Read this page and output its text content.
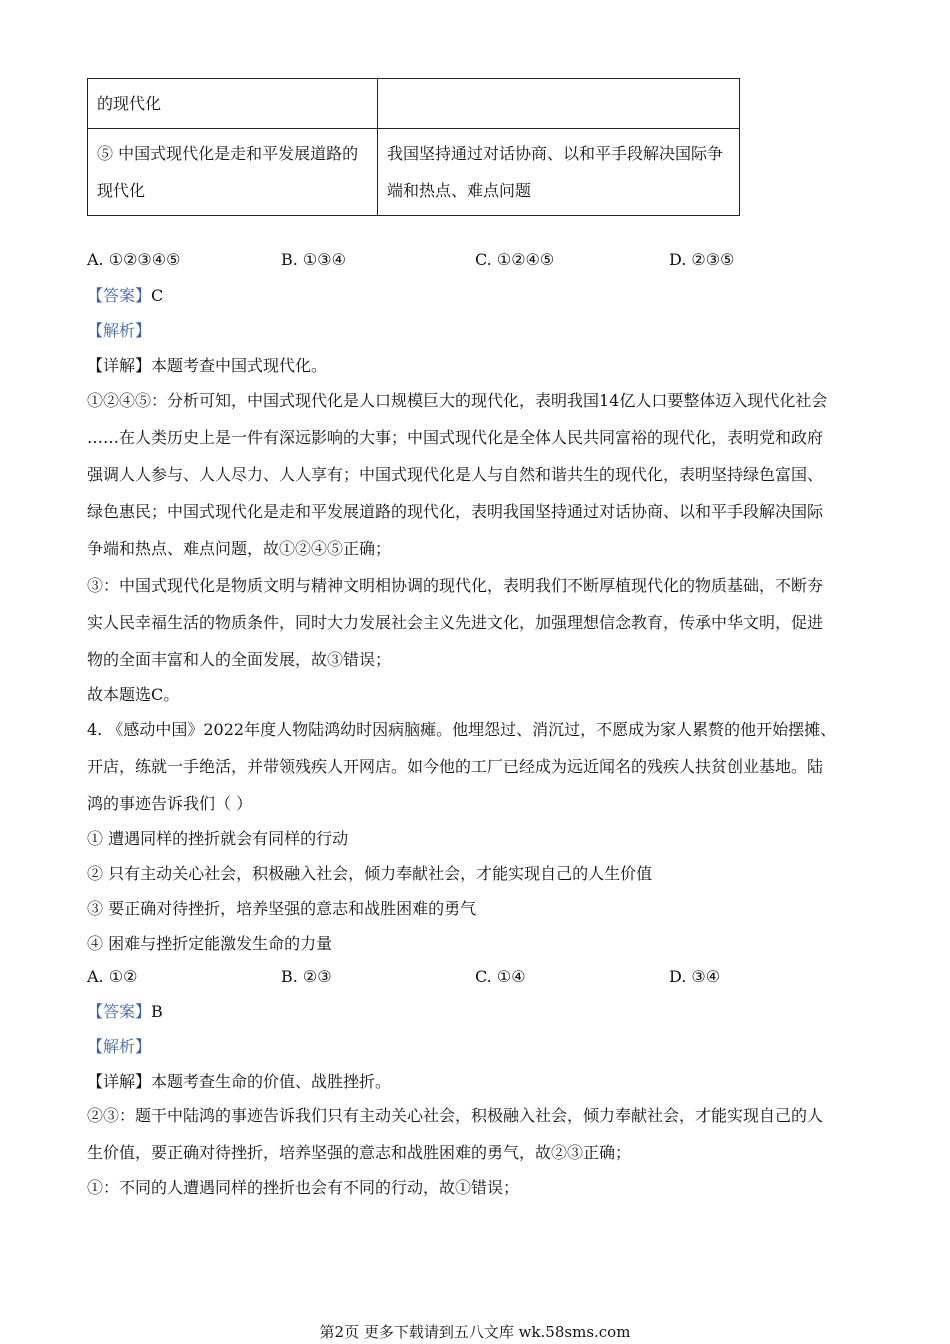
的现代化	
⑤ 中国式现代化是走和平发展道路的现代化	我国坚持通过对话协商、以和平手段解决国际争端和热点、难点问题
A. ①②③④⑤	B. ①③④	C. ①②④⑤	D. ②③⑤
【答案】C
【解析】
【详解】本题考查中国式现代化。
①②④⑤：分析可知，中国式现代化是人口规模巨大的现代化，表明我国14亿人口要整体迈入现代化社会
……在人类历史上是一件有深远影响的大事；中国式现代化是全体人民共同富裕的现代化，表明党和政府
强调人人参与、人人尽力、人人享有；中国式现代化是人与自然和谐共生的现代化，表明坚持绿色富国、
绿色惠民；中国式现代化是走和平发展道路的现代化，表明我国坚持通过对话协商、以和平手段解决国际
争端和热点、难点问题，故①②④⑤正确；
③：中国式现代化是物质文明与精神文明相协调的现代化，表明我们不断厚植现代化的物质基础，不断夯
实人民幸福生活的物质条件，同时大力发展社会主义先进文化，加强理想信念教育，传承中华文明，促进
物的全面丰富和人的全面发展，故③错误；
故本题选C。
4. 《感动中国》2022年度人物陆鸿幼时因病脑瘫。他埋怨过、消沉过，不愿成为家人累赘的他开始摆摊、
开店，练就一手绝活，并带领残疾人开网店。如今他的工厂已经成为远近闻名的残疾人扶贫创业基地。陆
鸿的事迹告诉我们（ ）
① 遭遇同样的挫折就会有同样的行动
② 只有主动关心社会，积极融入社会，倾力奉献社会，才能实现自己的人生价值
③ 要正确对待挫折，培养坚强的意志和战胜困难的勇气
④ 困难与挫折定能激发生命的力量
A. ①②	B. ②③	C. ①④	D. ③④
【答案】B
【解析】
【详解】本题考查生命的价值、战胜挫折。
②③：题干中陆鸿的事迹告诉我们只有主动关心社会，积极融入社会，倾力奉献社会，才能实现自己的人
生价值，要正确对待挫折，培养坚强的意志和战胜困难的勇气，故②③正确；
①：不同的人遭遇同样的挫折也会有不同的行动，故①错误；
第2页 更多下载请到五八文库 wk.58sms.com
